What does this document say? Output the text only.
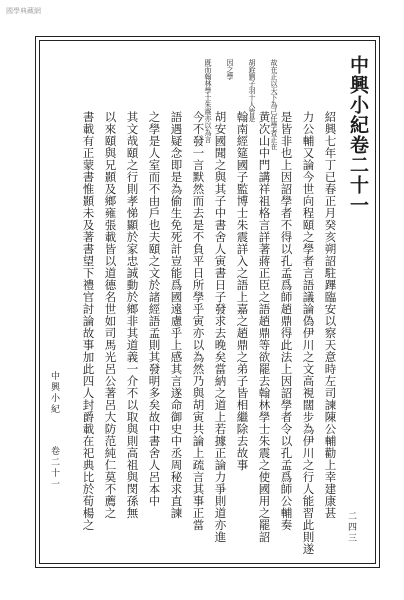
國學典藏網
中興小紀卷二十一
紹興七年丁已春正月癸亥朔詔駐蹕臨安以察天意時左司諫陳公輔勸上幸建康甚
力公輔又論今世向程頤之學者言語議論偽伊川之文高視闊步為伊川之行人能習此則遂
是皆非也上因詔學者不得以孔孟爲師趙鼎得此法上因詔學者令以孔孟爲師公輔奏
黄次山中門講祥祖格言詳著蔣正臣之語趙鼎等欲罷去翰林學士朱震之使國用之罷詔
翰南經筵國子監博士朱震詳入之語上嘉之趙鼎之弟子皆相繼除去故事
胡安國聞之與其子中書舍人寅書日子發求去晚矣當納之道上若據正論力爭則道亦進
今不發一言默然而去是不負平日所學乎寅亦以為然乃與胡寅共論上疏言其事正當
語遇疑念即是為偷生免死計豈能爲國遠慮乎上感其言遂命御史中丞周秘求直諫
之學是人室而不由戶也夫頤之文於諸經語孟則其發明多矣故中書舍人呂本中
其文哉頤之行則孝悌顯於家忠誠動於鄉非其道義一介不以取與則高祖與閔孫無
以來頤與兄顥及鄉雍張載皆以道德名世如司馬光呂公著呂大防范純仁莫不薦之
書載有正蒙書惟顥未及著書望下禮官討論故事加此四人封爵載在祀典比於荀楊之
故在正以天下為己任學者正在
胡銓劉子羽十人皆是
因之學
既而翰林學士朱震亦以為言
中興小紀
卷二十一
二四三
